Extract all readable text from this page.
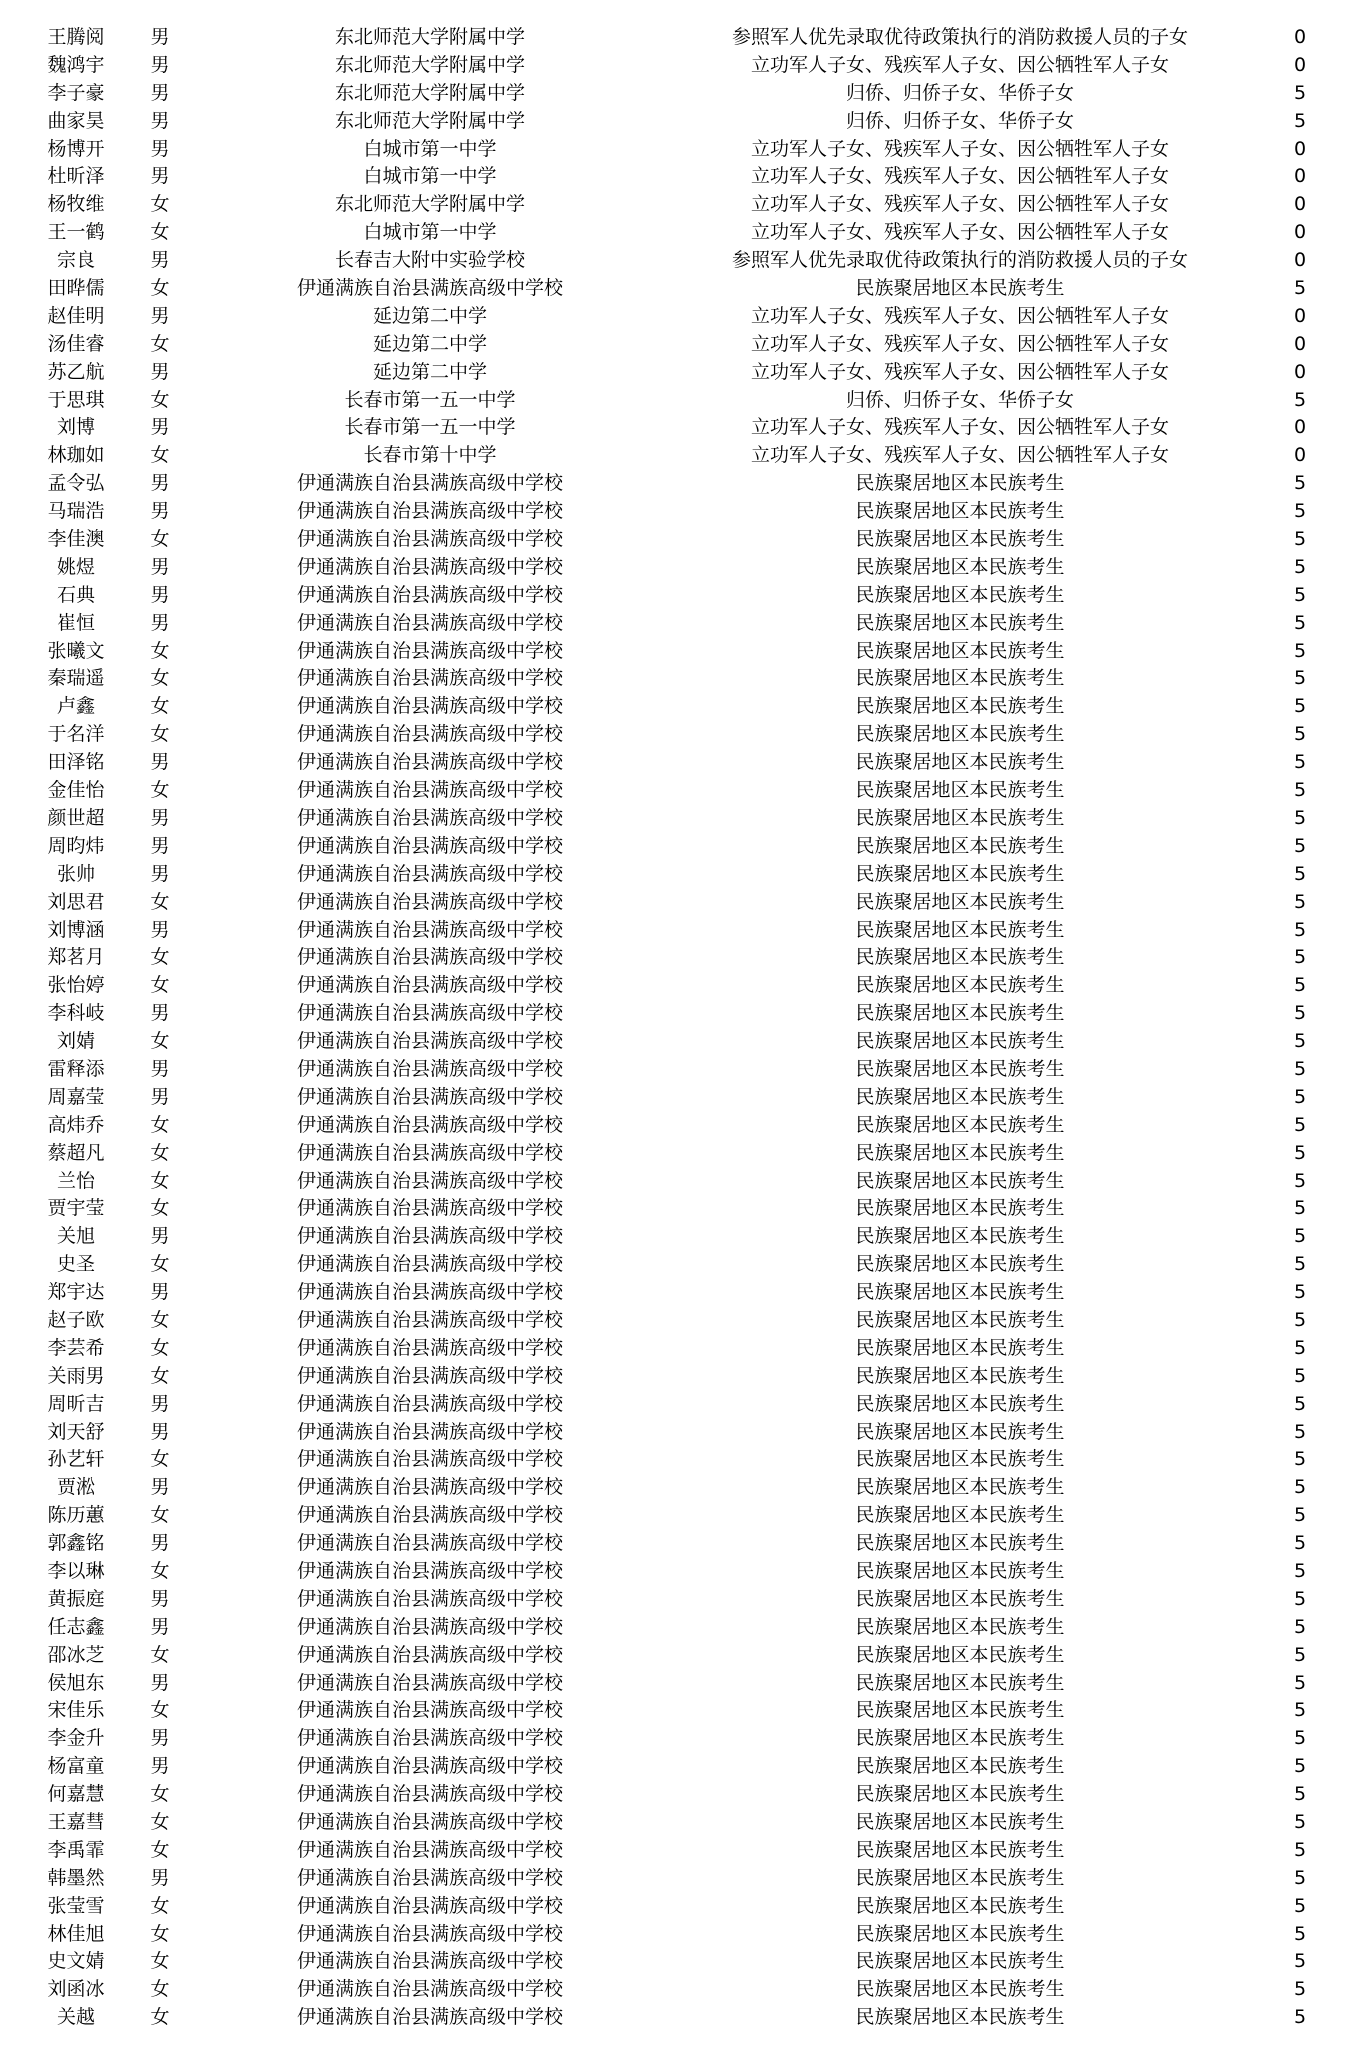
王腾阅	男	东北师范大学附属中学	参照军人优先录取优待政策执行的消防救援人员的子女	0
魏鸿宇	男	东北师范大学附属中学	立功军人子女、残疾军人子女、因公牺牲军人子女	0
李子豪	男	东北师范大学附属中学	归侨、归侨子女、华侨子女	5
曲家昊	男	东北师范大学附属中学	归侨、归侨子女、华侨子女	5
杨博开	男	白城市第一中学	立功军人子女、残疾军人子女、因公牺牲军人子女	0
杜昕泽	男	白城市第一中学	立功军人子女、残疾军人子女、因公牺牲军人子女	0
杨牧维	女	东北师范大学附属中学	立功军人子女、残疾军人子女、因公牺牲军人子女	0
王一鹤	女	白城市第一中学	立功军人子女、残疾军人子女、因公牺牲军人子女	0
宗良	男	长春吉大附中实验学校	参照军人优先录取优待政策执行的消防救援人员的子女	0
田晔儒	女	伊通满族自治县满族高级中学校	民族聚居地区本民族考生	5
赵佳明	男	延边第二中学	立功军人子女、残疾军人子女、因公牺牲军人子女	0
汤佳睿	女	延边第二中学	立功军人子女、残疾军人子女、因公牺牲军人子女	0
苏乙航	男	延边第二中学	立功军人子女、残疾军人子女、因公牺牲军人子女	0
于思琪	女	长春市第一五一中学	归侨、归侨子女、华侨子女	5
刘博	男	长春市第一五一中学	立功军人子女、残疾军人子女、因公牺牲军人子女	0
林珈如	女	长春市第十中学	立功军人子女、残疾军人子女、因公牺牲军人子女	0
孟令弘	男	伊通满族自治县满族高级中学校	民族聚居地区本民族考生	5
马瑞浩	男	伊通满族自治县满族高级中学校	民族聚居地区本民族考生	5
李佳澳	女	伊通满族自治县满族高级中学校	民族聚居地区本民族考生	5
姚煜	男	伊通满族自治县满族高级中学校	民族聚居地区本民族考生	5
石典	男	伊通满族自治县满族高级中学校	民族聚居地区本民族考生	5
崔恒	男	伊通满族自治县满族高级中学校	民族聚居地区本民族考生	5
张曦文	女	伊通满族自治县满族高级中学校	民族聚居地区本民族考生	5
秦瑞遥	女	伊通满族自治县满族高级中学校	民族聚居地区本民族考生	5
卢鑫	女	伊通满族自治县满族高级中学校	民族聚居地区本民族考生	5
于名洋	女	伊通满族自治县满族高级中学校	民族聚居地区本民族考生	5
田泽铭	男	伊通满族自治县满族高级中学校	民族聚居地区本民族考生	5
金佳怡	女	伊通满族自治县满族高级中学校	民族聚居地区本民族考生	5
颜世超	男	伊通满族自治县满族高级中学校	民族聚居地区本民族考生	5
周昀炜	男	伊通满族自治县满族高级中学校	民族聚居地区本民族考生	5
张帅	男	伊通满族自治县满族高级中学校	民族聚居地区本民族考生	5
刘思君	女	伊通满族自治县满族高级中学校	民族聚居地区本民族考生	5
刘博涵	男	伊通满族自治县满族高级中学校	民族聚居地区本民族考生	5
郑茗月	女	伊通满族自治县满族高级中学校	民族聚居地区本民族考生	5
张怡婷	女	伊通满族自治县满族高级中学校	民族聚居地区本民族考生	5
李科岐	男	伊通满族自治县满族高级中学校	民族聚居地区本民族考生	5
刘婧	女	伊通满族自治县满族高级中学校	民族聚居地区本民族考生	5
雷释添	男	伊通满族自治县满族高级中学校	民族聚居地区本民族考生	5
周嘉莹	男	伊通满族自治县满族高级中学校	民族聚居地区本民族考生	5
高炜乔	女	伊通满族自治县满族高级中学校	民族聚居地区本民族考生	5
蔡超凡	女	伊通满族自治县满族高级中学校	民族聚居地区本民族考生	5
兰怡	女	伊通满族自治县满族高级中学校	民族聚居地区本民族考生	5
贾宇莹	女	伊通满族自治县满族高级中学校	民族聚居地区本民族考生	5
关旭	男	伊通满族自治县满族高级中学校	民族聚居地区本民族考生	5
史圣	女	伊通满族自治县满族高级中学校	民族聚居地区本民族考生	5
郑宇达	男	伊通满族自治县满族高级中学校	民族聚居地区本民族考生	5
赵子欧	女	伊通满族自治县满族高级中学校	民族聚居地区本民族考生	5
李芸希	女	伊通满族自治县满族高级中学校	民族聚居地区本民族考生	5
关雨男	女	伊通满族自治县满族高级中学校	民族聚居地区本民族考生	5
周昕吉	男	伊通满族自治县满族高级中学校	民族聚居地区本民族考生	5
刘天舒	男	伊通满族自治县满族高级中学校	民族聚居地区本民族考生	5
孙艺轩	女	伊通满族自治县满族高级中学校	民族聚居地区本民族考生	5
贾淞	男	伊通满族自治县满族高级中学校	民族聚居地区本民族考生	5
陈历蕙	女	伊通满族自治县满族高级中学校	民族聚居地区本民族考生	5
郭鑫铭	男	伊通满族自治县满族高级中学校	民族聚居地区本民族考生	5
李以琳	女	伊通满族自治县满族高级中学校	民族聚居地区本民族考生	5
黄振庭	男	伊通满族自治县满族高级中学校	民族聚居地区本民族考生	5
任志鑫	男	伊通满族自治县满族高级中学校	民族聚居地区本民族考生	5
邵冰芝	女	伊通满族自治县满族高级中学校	民族聚居地区本民族考生	5
侯旭东	男	伊通满族自治县满族高级中学校	民族聚居地区本民族考生	5
宋佳乐	女	伊通满族自治县满族高级中学校	民族聚居地区本民族考生	5
李金升	男	伊通满族自治县满族高级中学校	民族聚居地区本民族考生	5
杨富童	男	伊通满族自治县满族高级中学校	民族聚居地区本民族考生	5
何嘉慧	女	伊通满族自治县满族高级中学校	民族聚居地区本民族考生	5
王嘉彗	女	伊通满族自治县满族高级中学校	民族聚居地区本民族考生	5
李禹霏	女	伊通满族自治县满族高级中学校	民族聚居地区本民族考生	5
韩墨然	男	伊通满族自治县满族高级中学校	民族聚居地区本民族考生	5
张莹雪	女	伊通满族自治县满族高级中学校	民族聚居地区本民族考生	5
林佳旭	女	伊通满族自治县满族高级中学校	民族聚居地区本民族考生	5
史文婧	女	伊通满族自治县满族高级中学校	民族聚居地区本民族考生	5
刘函冰	女	伊通满族自治县满族高级中学校	民族聚居地区本民族考生	5
关越	女	伊通满族自治县满族高级中学校	民族聚居地区本民族考生	5
